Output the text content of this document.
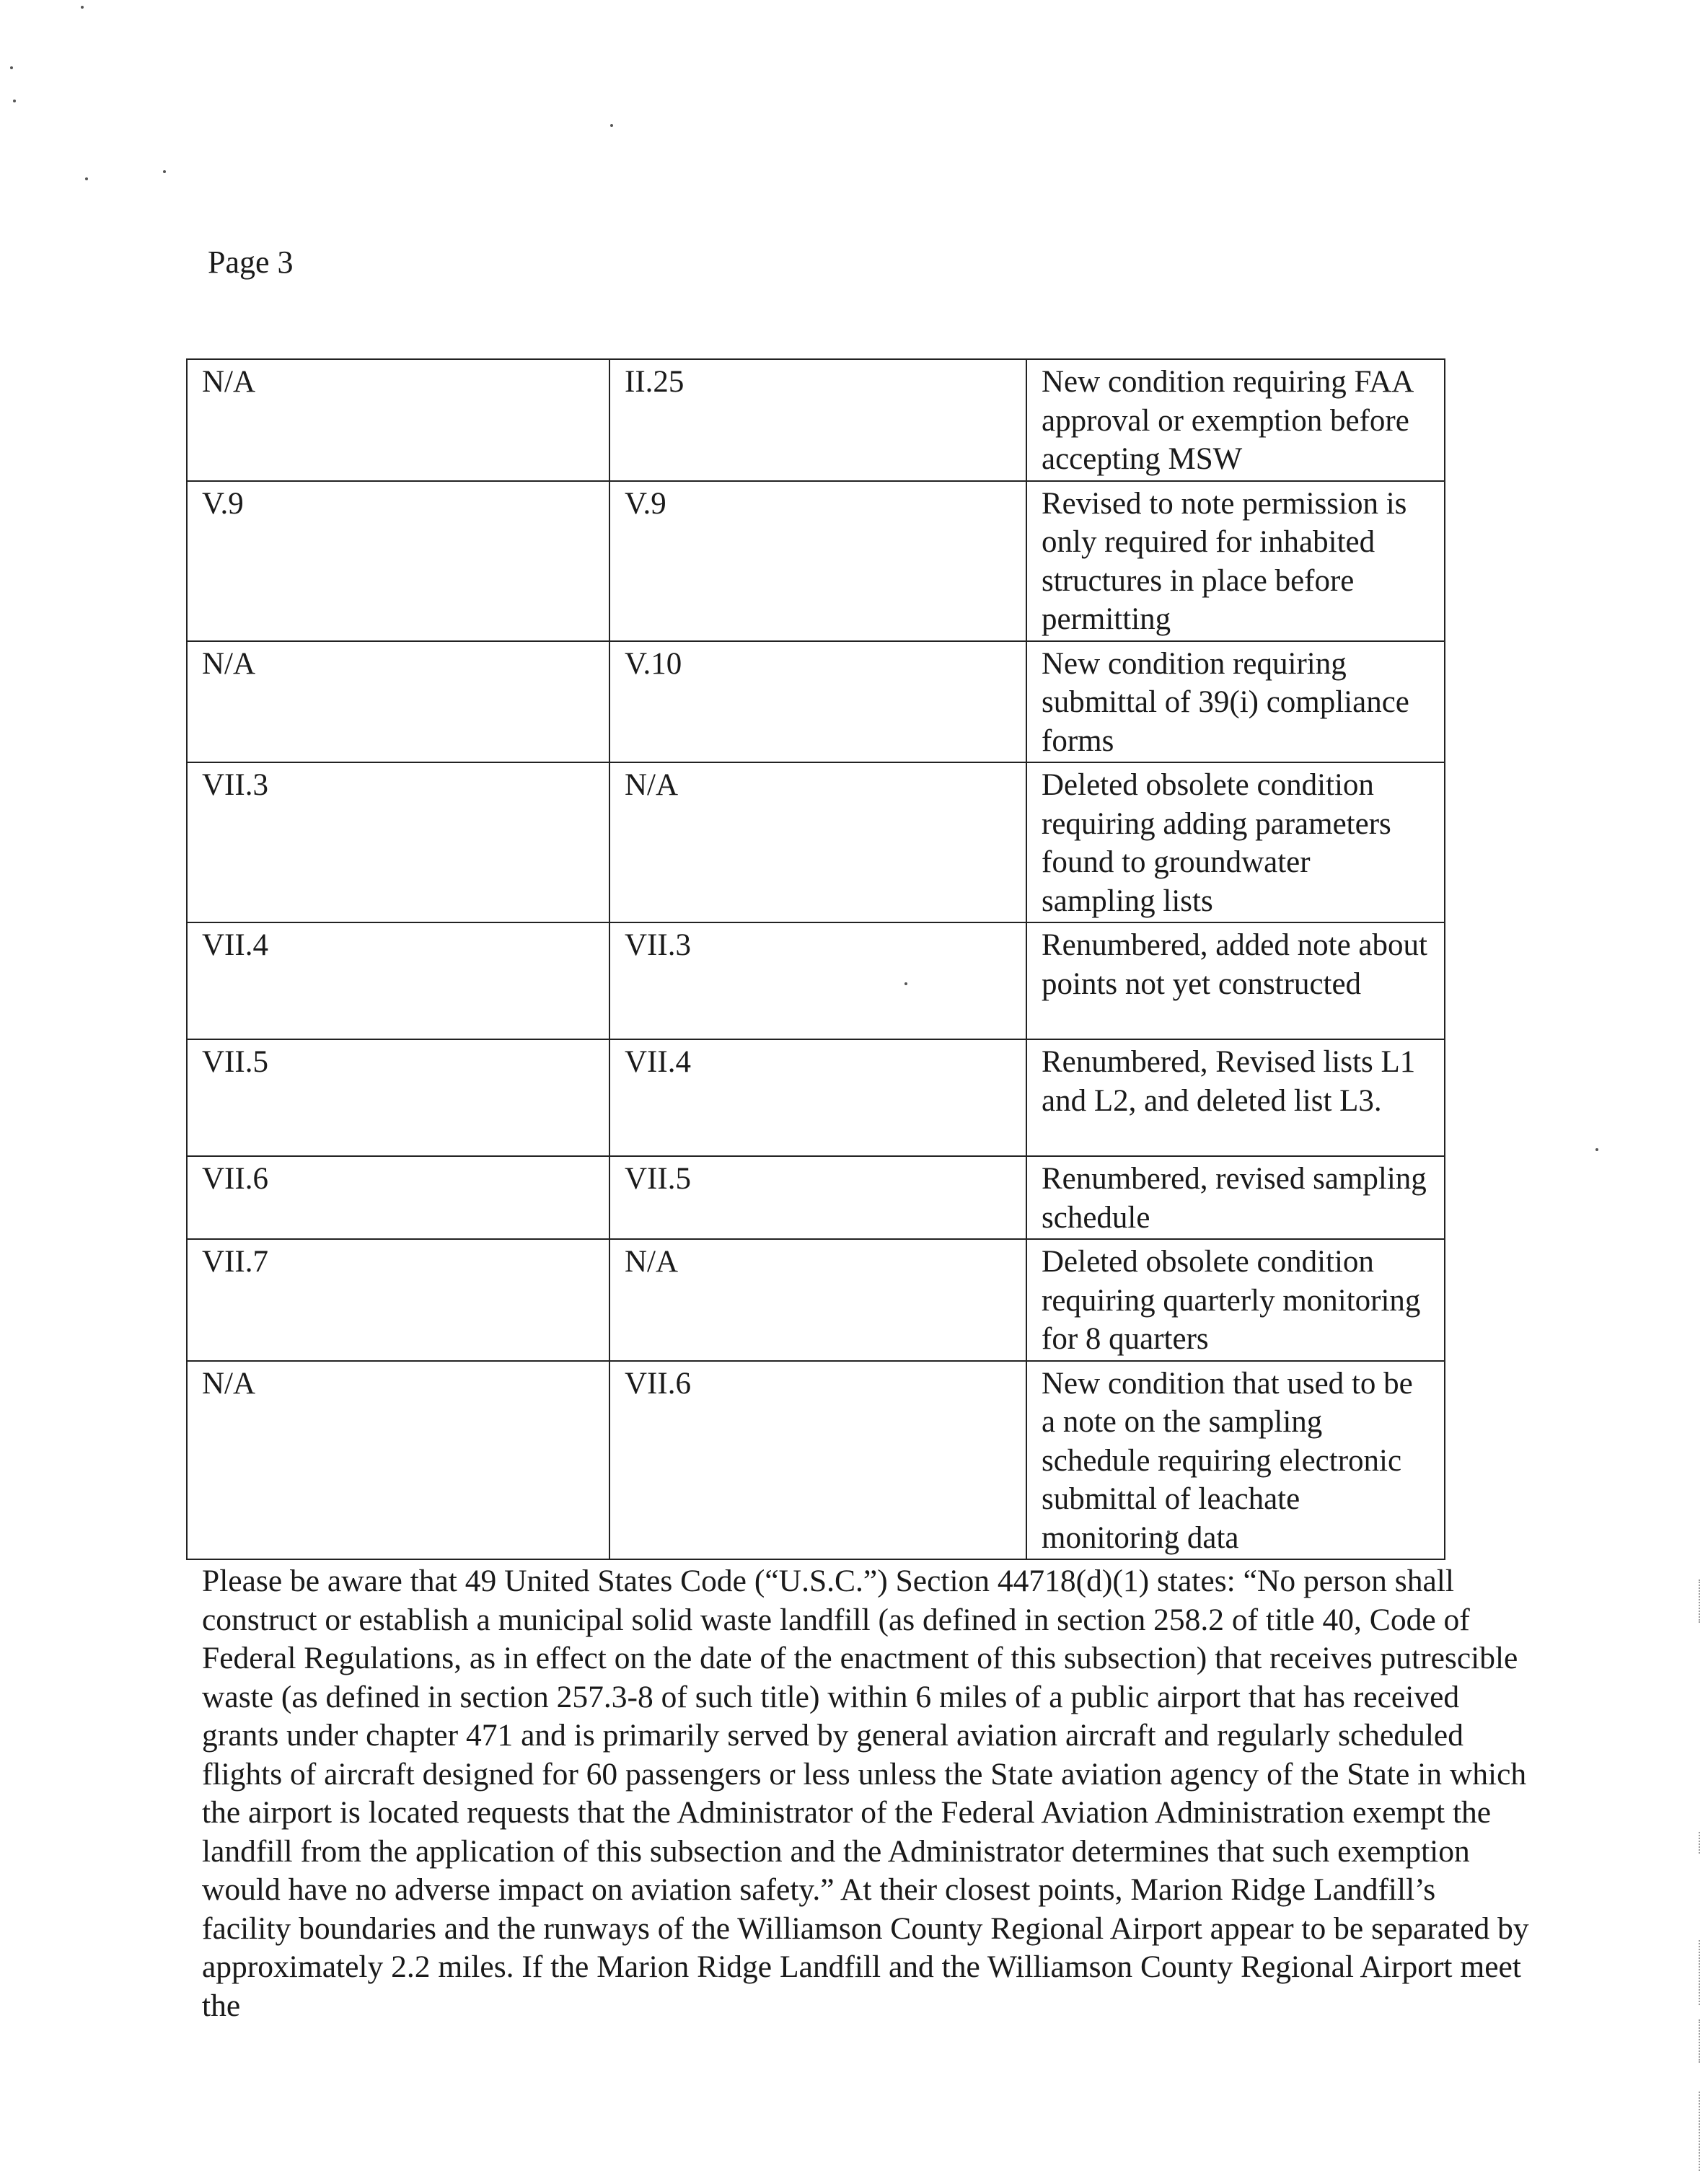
Page 3
N/A	II.25	New condition requiring FAA approval or exemption before accepting MSW
V.9	V.9	Revised to note permission is only required for inhabited structures in place before permitting
N/A	V.10	New condition requiring submittal of 39(i) compliance forms
VII.3	N/A	Deleted obsolete condition requiring adding parameters found to groundwater sampling lists
VII.4	VII.3	Renumbered, added note about points not yet constructed
VII.5	VII.4	Renumbered, Revised lists L1 and L2, and deleted list L3.
VII.6	VII.5	Renumbered, revised sampling schedule
VII.7	N/A	Deleted obsolete condition requiring quarterly monitoring for 8 quarters
N/A	VII.6	New condition that used to be a note on the sampling schedule requiring electronic submittal of leachate monitoring data

Please be aware that 49 United States Code (“U.S.C.”) Section 44718(d)(1) states: “No person shall construct or establish a municipal solid waste landfill (as defined in section 258.2 of title 40, Code of Federal Regulations, as in effect on the date of the enactment of this subsection) that receives putrescible waste (as defined in section 257.3-8 of such title) within 6 miles of a public airport that has received grants under chapter 471 and is primarily served by general aviation aircraft and regularly scheduled flights of aircraft designed for 60 passengers or less unless the State aviation agency of the State in which the airport is located requests that the Administrator of the Federal Aviation Administration exempt the landfill from the application of this subsection and the Administrator determines that such exemption would have no adverse impact on aviation safety.” At their closest points, Marion Ridge Landfill’s facility boundaries and the runways of the Williamson County Regional Airport appear to be separated by approximately 2.2 miles. If the Marion Ridge Landfill and the Williamson County Regional Airport meet the
